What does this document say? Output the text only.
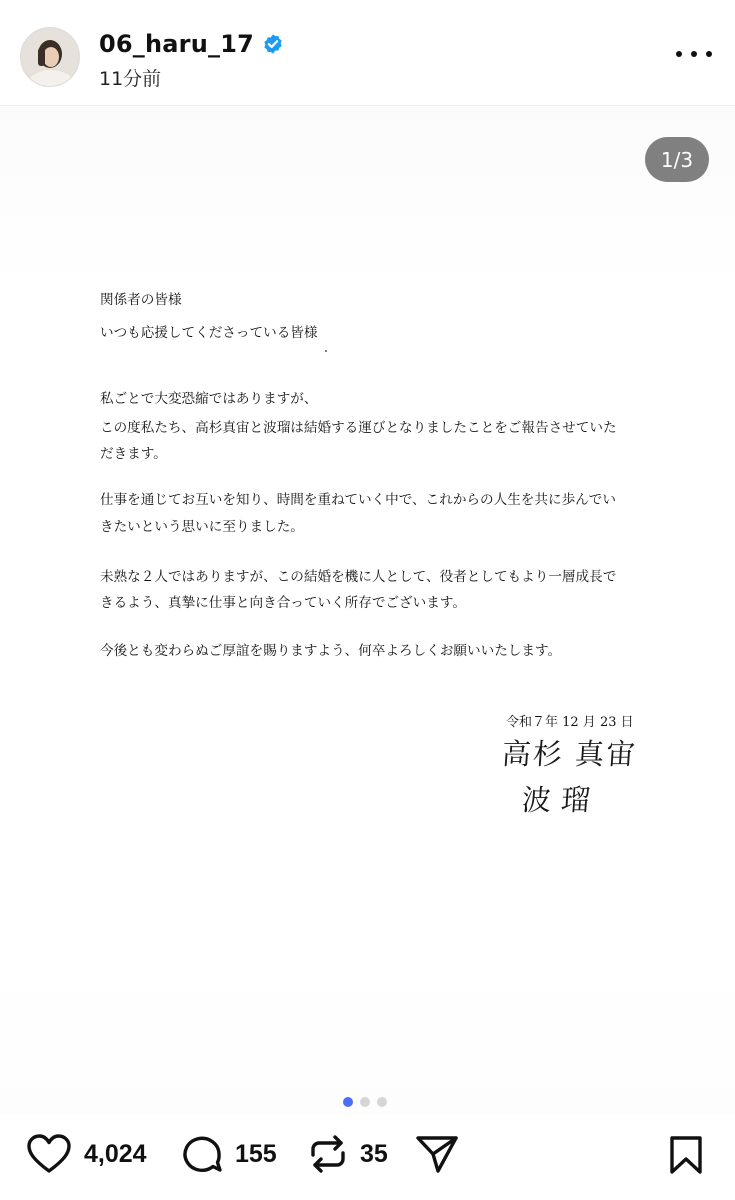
06_haru_17
11分前
1/3
関係者の皆様
いつも応援してくださっている皆様
私ごとで大変恐縮ではありますが、
この度私たち、高杉真宙と波瑠は結婚する運びとなりましたことをご報告させていた
だきます。
仕事を通じてお互いを知り、時間を重ねていく中で、これからの人生を共に歩んでい
きたいという思いに至りました。
未熟な２人ではありますが、この結婚を機に人として、役者としてもより一層成長で
きるよう、真摯に仕事と向き合っていく所存でございます。
今後とも変わらぬご厚誼を賜りますよう、何卒よろしくお願いいたします。
令和７年 12 月 23 日
高杉 真宙
波瑠
4,024	155	35
